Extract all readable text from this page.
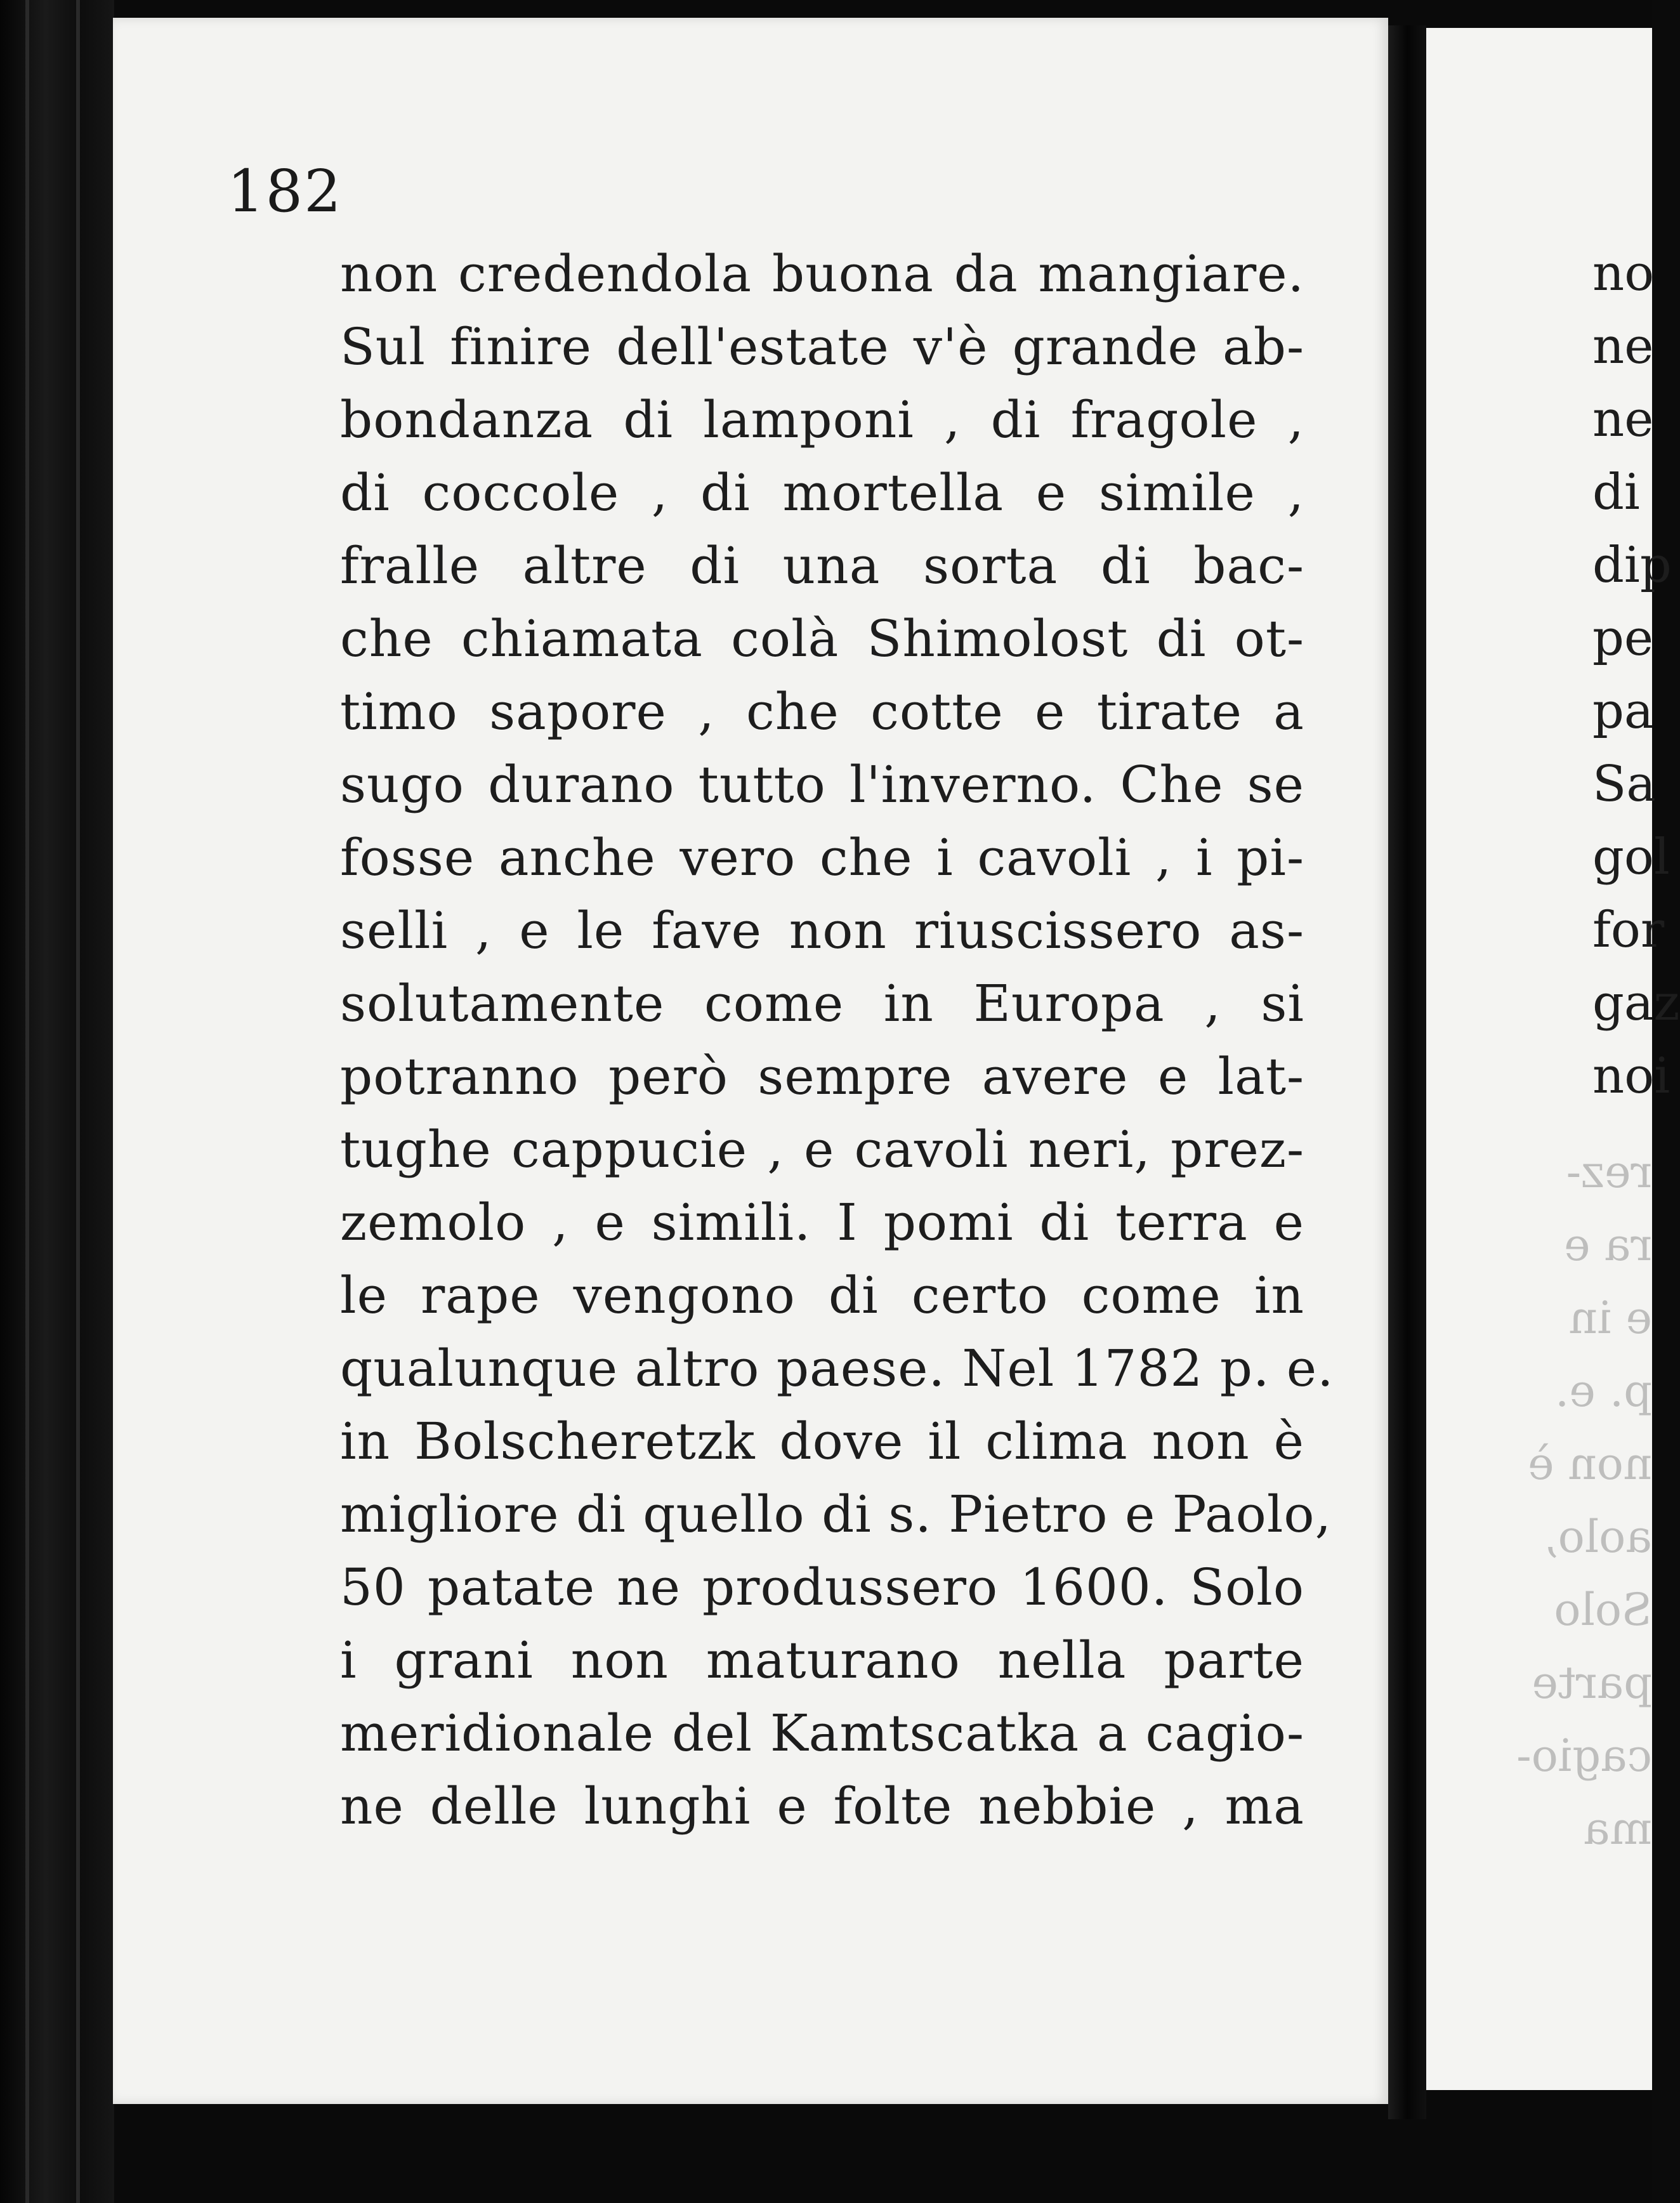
182
non credendola buona da mangiare.
Sul finire dell'estate v'è grande ab-
bondanza di lamponi , di fragole ,
di coccole , di mortella e simile ,
fralle altre di una sorta di bac-
che chiamata colà Shimolost di ot-
timo sapore , che cotte e tirate a
sugo durano tutto l'inverno. Che se
fosse anche vero che i cavoli , i pi-
selli , e le fave non riuscissero as-
solutamente come in Europa , si
potranno però sempre avere e lat-
tughe cappucie , e cavoli neri, prez-
zemolo , e simili. I pomi di terra e
le rape vengono di certo come in
qualunque altro paese. Nel 1782 p. e.
in Bolscheretzk dove il clima non è
migliore di quello di s. Pietro e Paolo,
50 patate ne produssero 1600. Solo
i grani non maturano nella parte
meridionale del Kamtscatka a cagio-
ne delle lunghi e folte nebbie , ma
no
ne
ne
di
dip
pe
pa
Sa
gol
for
gaz
noi
rez-
ra e
e in
p. e.
non è
aolo,
Solo
parte
cagio-
ma
